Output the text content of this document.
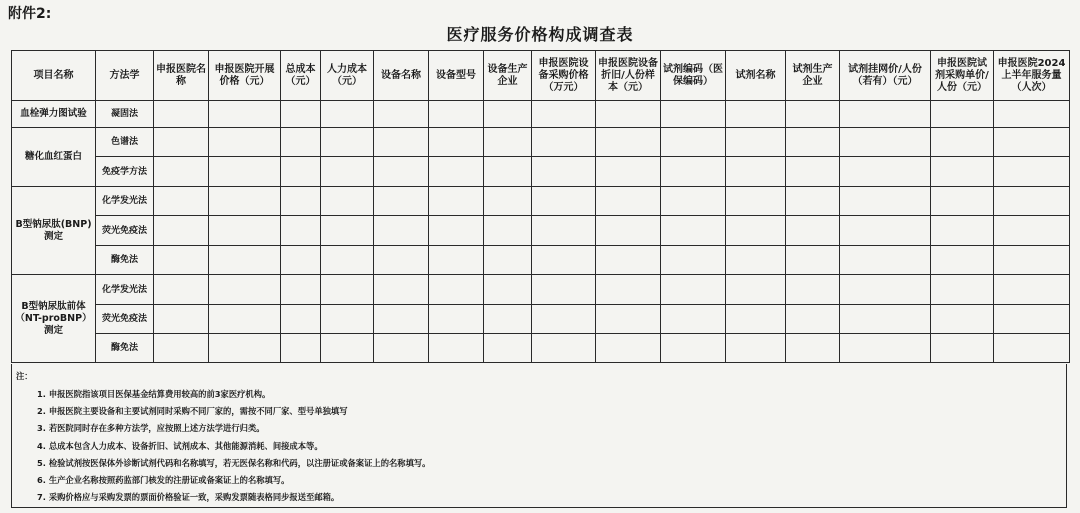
附件2:
医疗服务价格构成调查表
项目名称	方法学	申报医院名称	申报医院开展价格（元）	总成本（元）	人力成本（元）	设备名称	设备型号	设备生产企业	申报医院设备采购价格（万元）	申报医院设备折旧/人份样本（元）	试剂编码（医保编码）	试剂名称	试剂生产企业	试剂挂网价/人份（若有）（元）	申报医院试剂采购单价/人份（元）	申报医院2024上半年服务量（人次）
血栓弹力图试验	凝固法															
糖化血红蛋白	色谱法															
	免疫学方法															
B型钠尿肽(BNP)测定	化学发光法															
	荧光免疫法															
	酶免法															
B型钠尿肽前体（NT-proBNP）测定	化学发光法															
	荧光免疫法															
	酶免法															
注：
1. 申报医院指该项目医保基金结算费用较高的前3家医疗机构。
2. 申报医院主要设备和主要试剂同时采购不同厂家的，需按不同厂家、型号单独填写
3. 若医院同时存在多种方法学，应按照上述方法学进行归类。
4. 总成本包含人力成本、设备折旧、试剂成本、其他能源消耗、间接成本等。
5. 检验试剂按医保体外诊断试剂代码和名称填写，若无医保名称和代码，以注册证或备案证上的名称填写。
6. 生产企业名称按照药监部门核发的注册证或备案证上的名称填写。
7. 采购价格应与采购发票的票面价格验证一致，采购发票随表格同步报送至邮箱。
